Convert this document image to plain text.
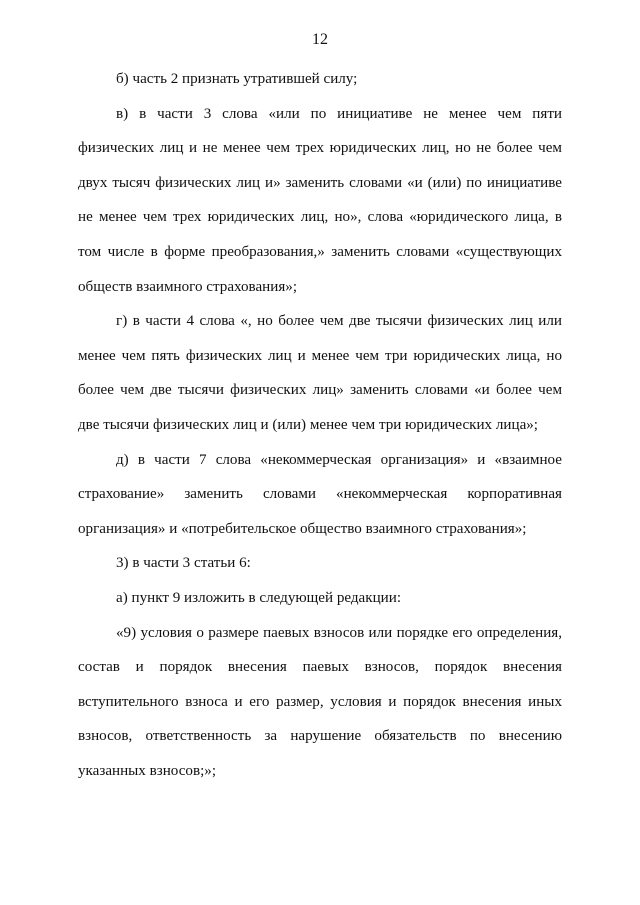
12

б) часть 2 признать утратившей силу;

в) в части 3 слова «или по инициативе не менее чем пяти физических лиц и не менее чем трех юридических лиц, но не более чем двух тысяч физических лиц и» заменить словами «и (или) по инициативе не менее чем трех юридических лиц, но», слова «юридического лица, в том числе в форме преобразования,» заменить словами «существующих обществ взаимного страхования»;

г) в части 4 слова «, но более чем две тысячи физических лиц или менее чем пять физических лиц и менее чем три юридических лица, но более чем две тысячи физических лиц» заменить словами «и более чем две тысячи физических лиц и (или) менее чем три юридических лица»;

д) в части 7 слова «некоммерческая организация» и «взаимное страхование» заменить словами «некоммерческая корпоративная организация» и «потребительское общество взаимного страхования»;

3) в части 3 статьи 6:

а) пункт 9 изложить в следующей редакции:

«9) условия о размере паевых взносов или порядке его определения, состав и порядок внесения паевых взносов, порядок внесения вступительного взноса и его размер, условия и порядок внесения иных взносов, ответственность за нарушение обязательств по внесению указанных взносов;»;
